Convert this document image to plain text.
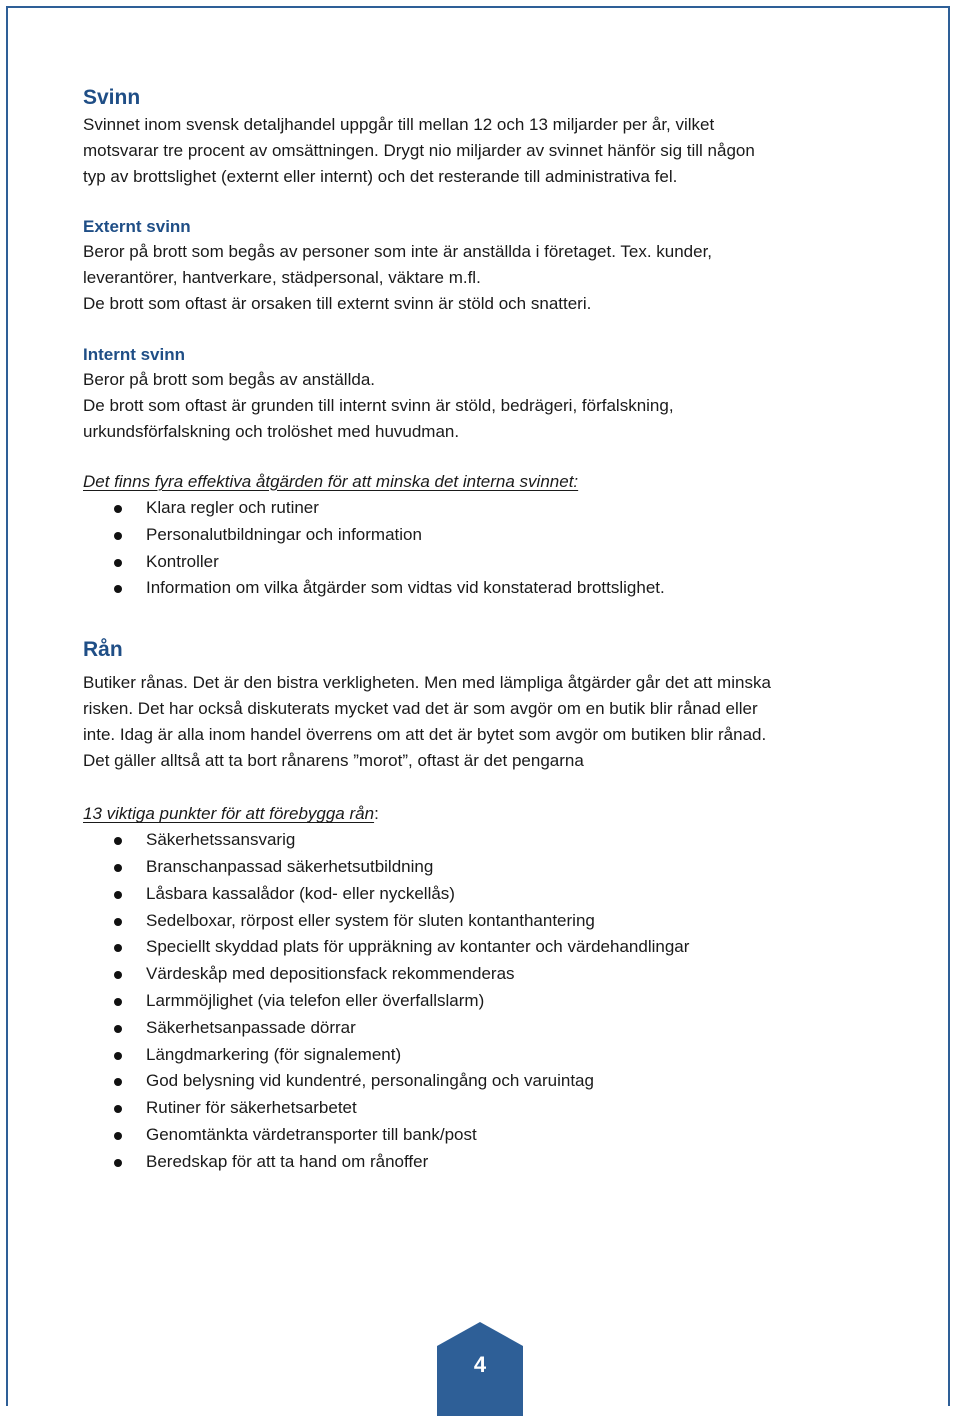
Svinn

Svinnet inom svensk detaljhandel uppgår till mellan 12 och 13 miljarder per år, vilket

motsvarar tre procent av omsättningen. Drygt nio miljarder av svinnet hänför sig till någon

typ av brottslighet (externt eller internt) och det resterande till administrativa fel.

Externt svinn

Beror på brott som begås av personer som inte är anställda i företaget. Tex. kunder,

leverantörer, hantverkare, städpersonal, väktare m.fl.

De brott som oftast är orsaken till externt svinn är stöld och snatteri.

Internt svinn

Beror på brott som begås av anställda.

De brott som oftast är grunden till internt svinn är stöld, bedrägeri, förfalskning,

urkundsförfalskning och trolöshet med huvudman.

Det finns fyra effektiva åtgärden för att minska det interna svinnet:

Klara regler och rutiner
Personalutbildningar och information
Kontroller
Information om vilka åtgärder som vidtas vid konstaterad brottslighet.
Rån

Butiker rånas. Det är den bistra verkligheten. Men med lämpliga åtgärder går det att minska

risken. Det har också diskuterats mycket vad det är som avgör om en butik blir rånad eller

inte. Idag är alla inom handel överrens om att det är bytet som avgör om butiken blir rånad.

Det gäller alltså att ta bort rånarens ”morot”, oftast är det pengarna

13 viktiga punkter för att förebygga rån:

Säkerhetssansvarig
Branschanpassad säkerhetsutbildning
Låsbara kassalådor (kod- eller nyckellås)
Sedelboxar, rörpost eller system för sluten kontanthantering
Speciellt skyddad plats för uppräkning av kontanter och värdehandlingar
Värdeskåp med depositionsfack rekommenderas
Larmmöjlighet (via telefon eller överfallslarm)
Säkerhetsanpassade dörrar
Längdmarkering (för signalement)
God belysning vid kundentré, personalingång och varuintag
Rutiner för säkerhetsarbetet
Genomtänkta värdetransporter till bank/post
Beredskap för att ta hand om rånoffer
4
